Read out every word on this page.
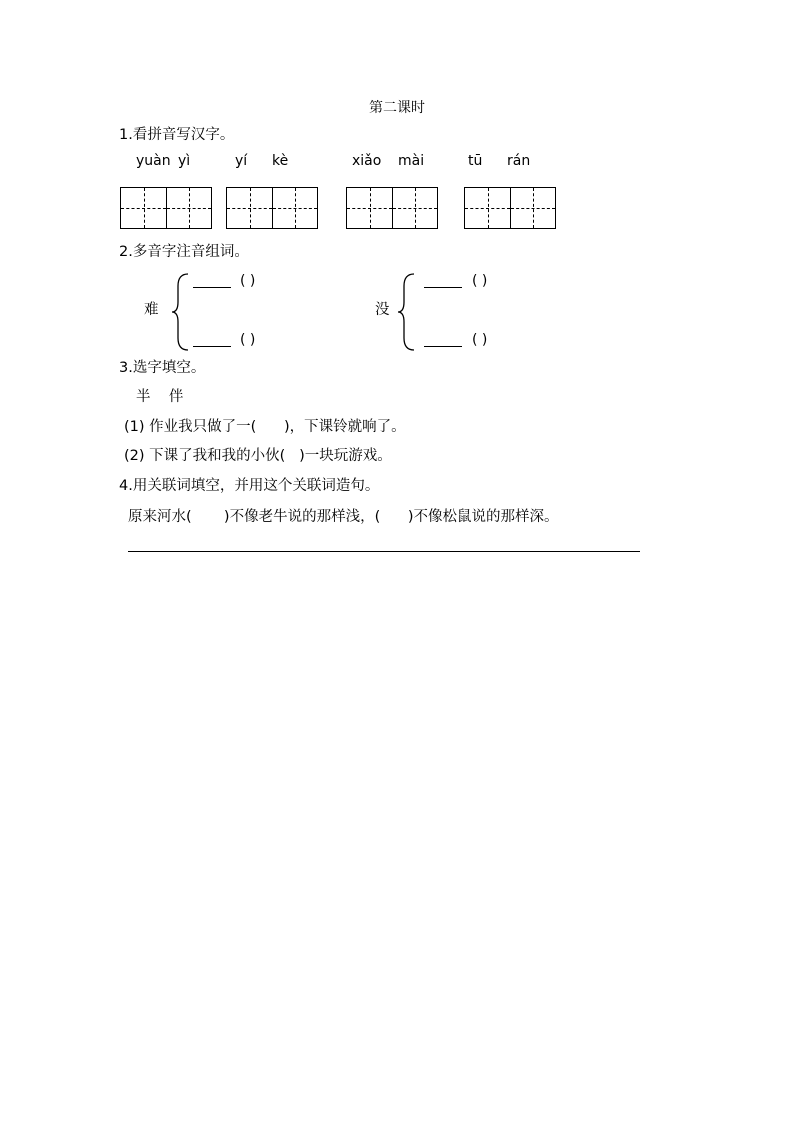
第二课时
1.看拼音写汉字。
yuàn yì	yí kè	xiǎo mài	tū rán
2.多音字注音组词。
难
( )
( )
没
( )
( )
3.选字填空。
半    伴
(1) 作业我只做了一(      )，下课铃就响了。
(2) 下课了我和我的小伙(   )一块玩游戏。
4.用关联词填空，并用这个关联词造句。
原来河水(       )不像老牛说的那样浅，(      )不像松鼠说的那样深。
